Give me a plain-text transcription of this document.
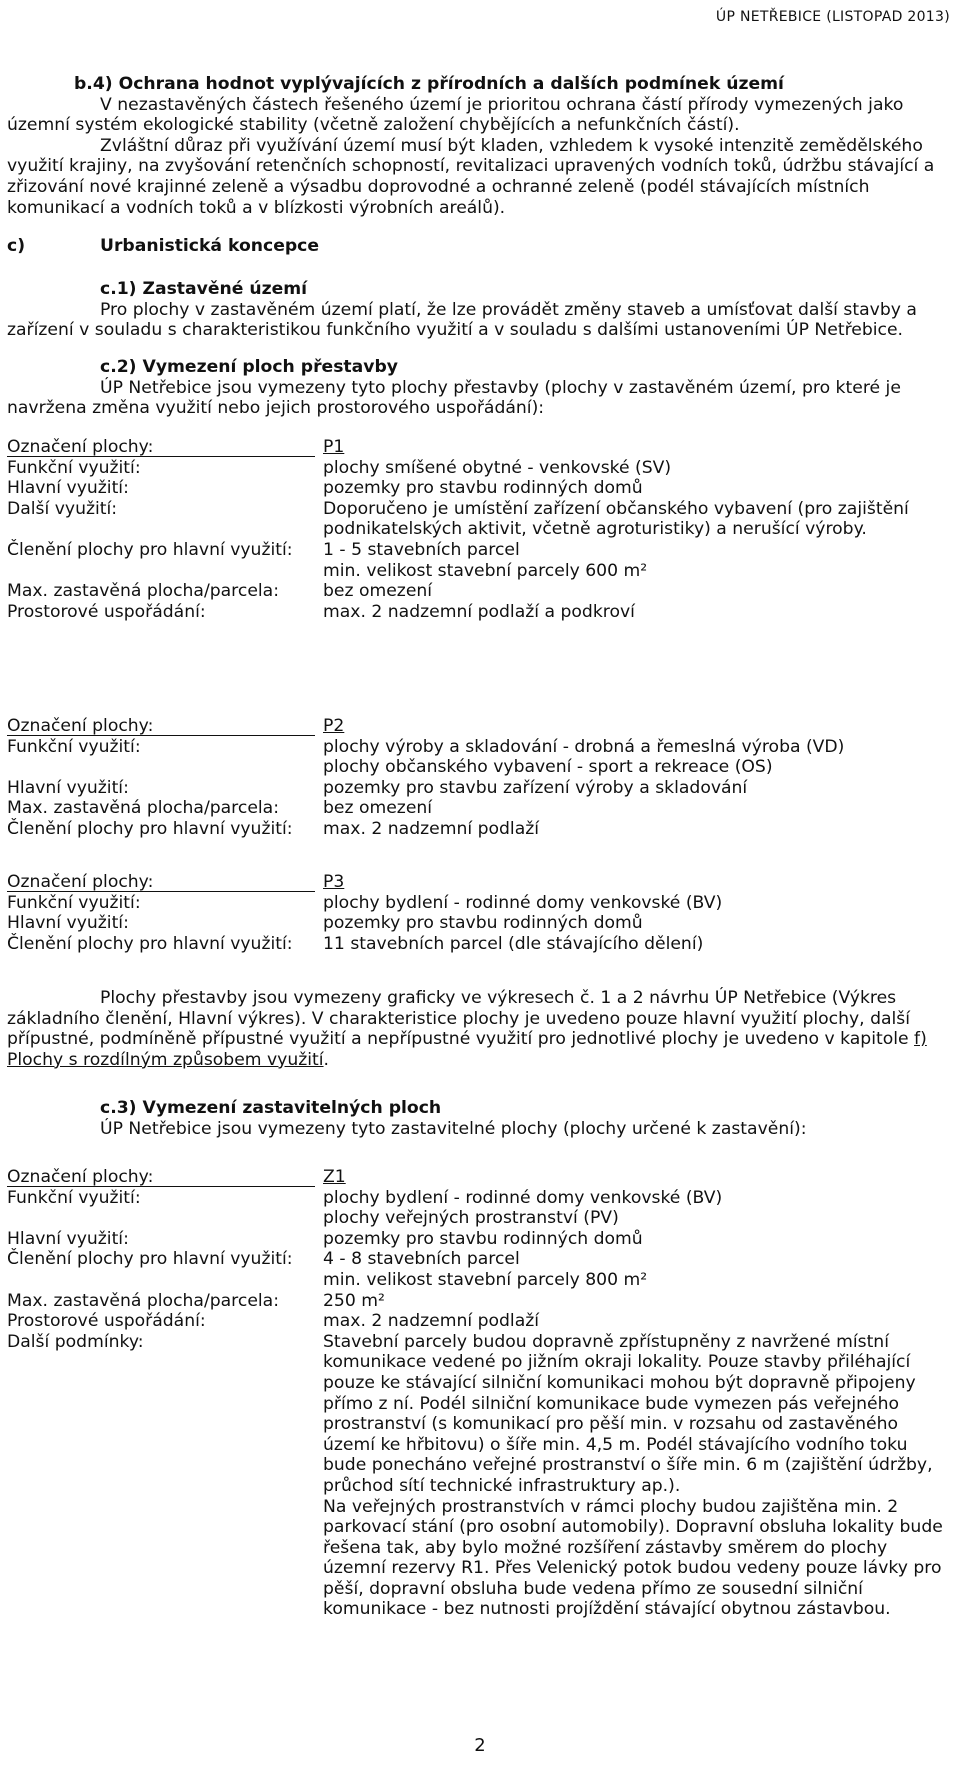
ÚP NETŘEBICE (LISTOPAD 2013)

b.4) Ochrana hodnot vyplývajících z přírodních a dalších podmínek území

V nezastavěných částech řešeného území je prioritou ochrana částí přírody vymezených jako územní systém ekologické stability (včetně založení chybějících a nefunkčních částí).

Zvláštní důraz při využívání území musí být kladen, vzhledem k vysoké intenzitě zemědělského využití krajiny, na zvyšování retenčních schopností, revitalizaci upravených vodních toků, údržbu stávající a zřizování nové krajinné zeleně a výsadbu doprovodné a ochranné zeleně (podél stávajících místních komunikací a vodních toků a v blízkosti výrobních areálů).

c)	Urbanistická koncepce

c.1) Zastavěné území

Pro plochy v zastavěném území platí, že lze provádět změny staveb a umísťovat další stavby a zařízení v souladu s charakteristikou funkčního využití a v souladu s dalšími ustanoveními ÚP Netřebice.

c.2) Vymezení ploch přestavby

ÚP Netřebice jsou vymezeny tyto plochy přestavby (plochy v zastavěném území, pro které je navržena změna využití nebo jejich prostorového uspořádání):

Označení plochy:	P1
Funkční využití:	plochy smíšené obytné - venkovské (SV)
Hlavní využití:	pozemky pro stavbu rodinných domů
Další využití:	Doporučeno je umístění zařízení občanského vybavení (pro zajištění
podnikatelských aktivit, včetně agroturistiky) a nerušící výroby.
Členění plochy pro hlavní využití:	1 - 5 stavebních parcel
min. velikost stavební parcely 600 m²
Max. zastavěná plocha/parcela:	bez omezení
Prostorové uspořádání:	max. 2 nadzemní podlaží a podkroví
Označení plochy:	P2
Funkční využití:	plochy výroby a skladování - drobná a řemeslná výroba (VD)
plochy občanského vybavení - sport a rekreace (OS)
Hlavní využití:	pozemky pro stavbu zařízení výroby a skladování
Max. zastavěná plocha/parcela:	bez omezení
Členění plochy pro hlavní využití:	max. 2 nadzemní podlaží
Označení plochy:	P3
Funkční využití:	plochy bydlení - rodinné domy venkovské (BV)
Hlavní využití:	pozemky pro stavbu rodinných domů
Členění plochy pro hlavní využití:	11 stavebních parcel (dle stávajícího dělení)

Plochy přestavby jsou vymezeny graficky ve výkresech č. 1 a 2 návrhu ÚP Netřebice (Výkres základního členění, Hlavní výkres). V charakteristice plochy je uvedeno pouze hlavní využití plochy, další přípustné, podmíněně přípustné využití a nepřípustné využití pro jednotlivé plochy je uvedeno v kapitole f) Plochy s rozdílným způsobem využití.

c.3) Vymezení zastavitelných ploch

ÚP Netřebice jsou vymezeny tyto zastavitelné plochy (plochy určené k zastavění):

Označení plochy:	Z1
Funkční využití:	plochy bydlení - rodinné domy venkovské (BV)
plochy veřejných prostranství (PV)
Hlavní využití:	pozemky pro stavbu rodinných domů
Členění plochy pro hlavní využití:	4 - 8 stavebních parcel
min. velikost stavební parcely 800 m²
Max. zastavěná plocha/parcela:	250 m²
Prostorové uspořádání:	max. 2 nadzemní podlaží
Další podmínky:	Stavební parcely budou dopravně zpřístupněny z navržené místní komunikace vedené po jižním okraji lokality. Pouze stavby přiléhající pouze ke stávající silniční komunikaci mohou být dopravně připojeny přímo z ní. Podél silniční komunikace bude vymezen pás veřejného prostranství (s komunikací pro pěší min. v rozsahu od zastavěného území ke hřbitovu) o šíře min. 4,5 m. Podél stávajícího vodního toku bude ponecháno veřejné prostranství o šíře min. 6 m (zajištění údržby, průchod sítí technické infrastruktury ap.).
Na veřejných prostranstvích v rámci plochy budou zajištěna min. 2 parkovací stání (pro osobní automobily). Dopravní obsluha lokality bude řešena tak, aby bylo možné rozšíření zástavby směrem do plochy územní rezervy R1. Přes Velenický potok budou vedeny pouze lávky pro pěší, dopravní obsluha bude vedena přímo ze sousední silniční komunikace - bez nutnosti projíždění stávající obytnou zástavbou.
2
